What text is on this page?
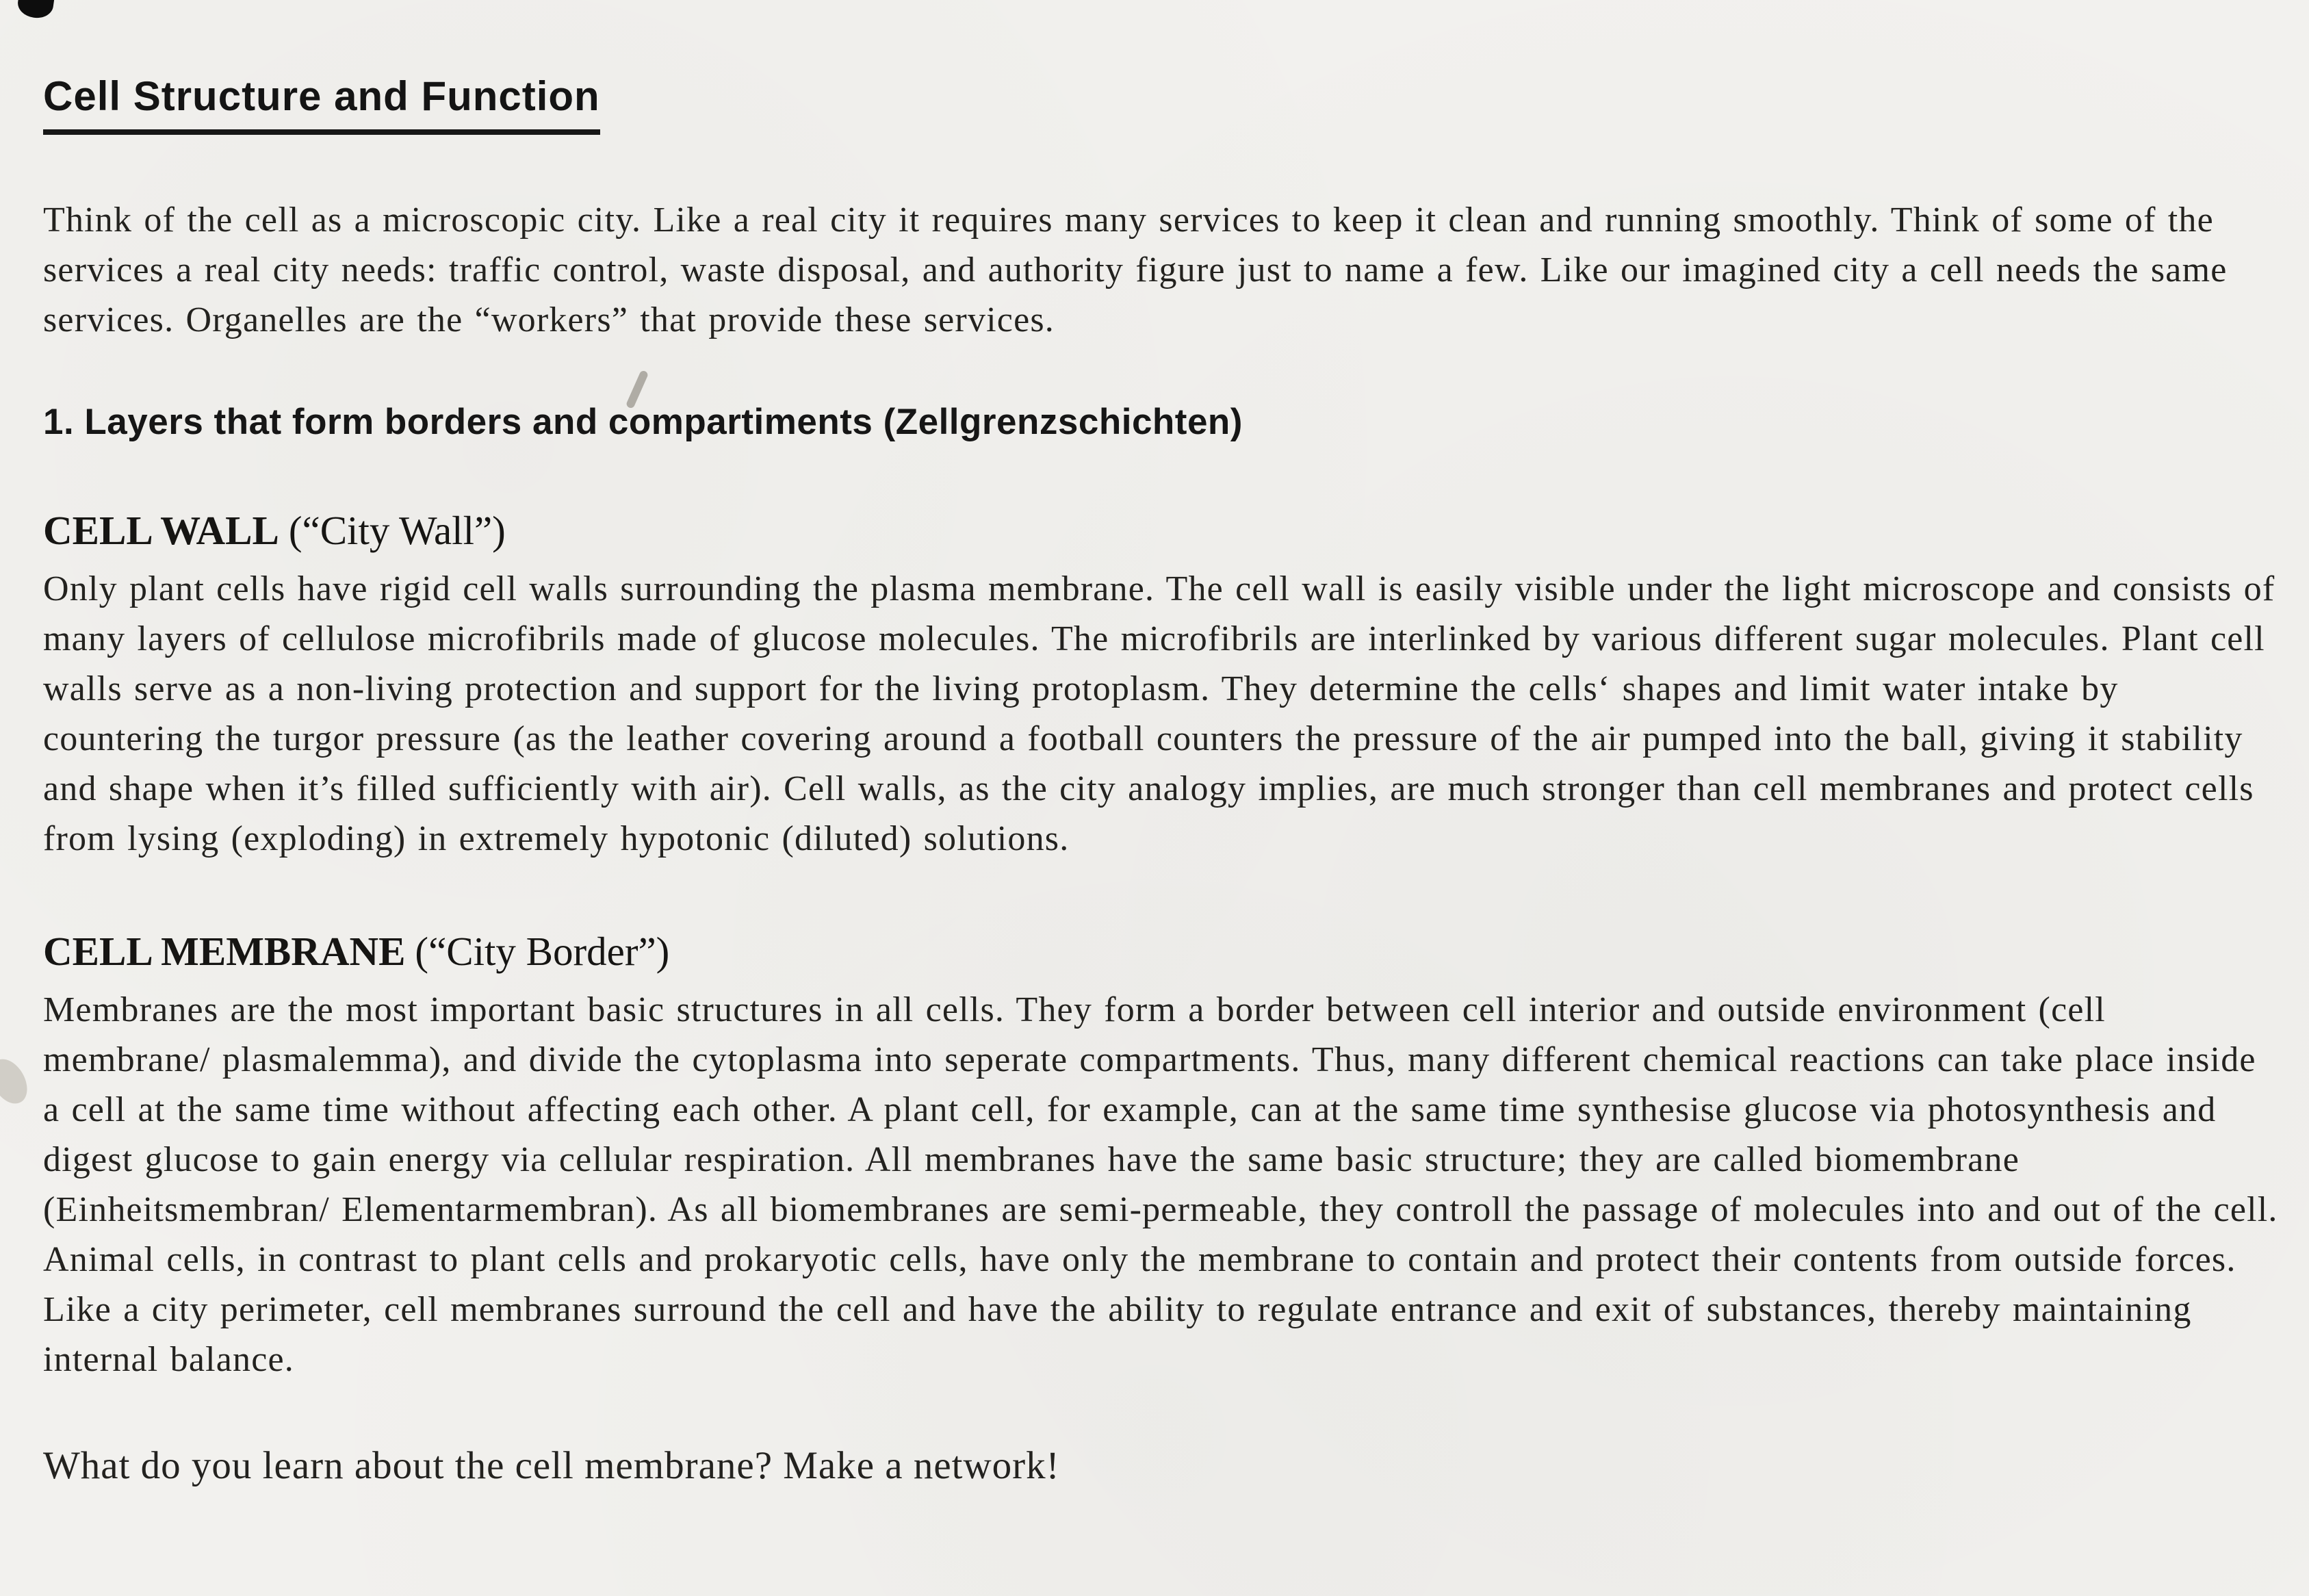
Cell Structure and Function

Think of the cell as a microscopic city. Like a real city it requires many services to keep it clean and running smoothly. Think of some of the services a real city needs: traffic control, waste disposal, and authority figure just to name a few. Like our imagined city a cell needs the same services. Organelles are the “workers” that provide these services.

1. Layers that form borders and compartiments (Zellgrenzschichten)
CELL WALL (“City Wall”)

Only plant cells have rigid cell walls surrounding the plasma membrane. The cell wall is easily visible under the light microscope and consists of many layers of cellulose microfibrils made of glucose molecules. The microfibrils are interlinked by various different sugar molecules. Plant cell walls serve as a non-living protection and support for the living protoplasm. They determine the cells‘ shapes and limit water intake by countering the turgor pressure (as the leather covering around a football counters the pressure of the air pumped into the ball, giving it stability and shape when it’s filled sufficiently with air). Cell walls, as the city analogy implies, are much stronger than cell membranes and protect cells from lysing (exploding) in extremely hypotonic (diluted) solutions.

CELL MEMBRANE (“City Border”)

Membranes are the most important basic structures in all cells. They form a border between cell interior and outside environment (cell membrane/ plasmalemma), and divide the cytoplasma into seperate compartments. Thus, many different chemical reactions can take place inside a cell at the same time without affecting each other. A plant cell, for example, can at the same time synthesise glucose via photosynthesis and digest glucose to gain energy via cellular respiration. All membranes have the same basic structure; they are called biomembrane (Einheitsmembran/ Elementarmembran). As all biomembranes are semi-permeable, they controll the passage of molecules into and out of the cell. Animal cells, in contrast to plant cells and prokaryotic cells, have only the membrane to contain and protect their contents from outside forces. Like a city perimeter, cell membranes surround the cell and have the ability to regulate entrance and exit of substances, thereby maintaining internal balance.

What do you learn about the cell membrane? Make a network!
